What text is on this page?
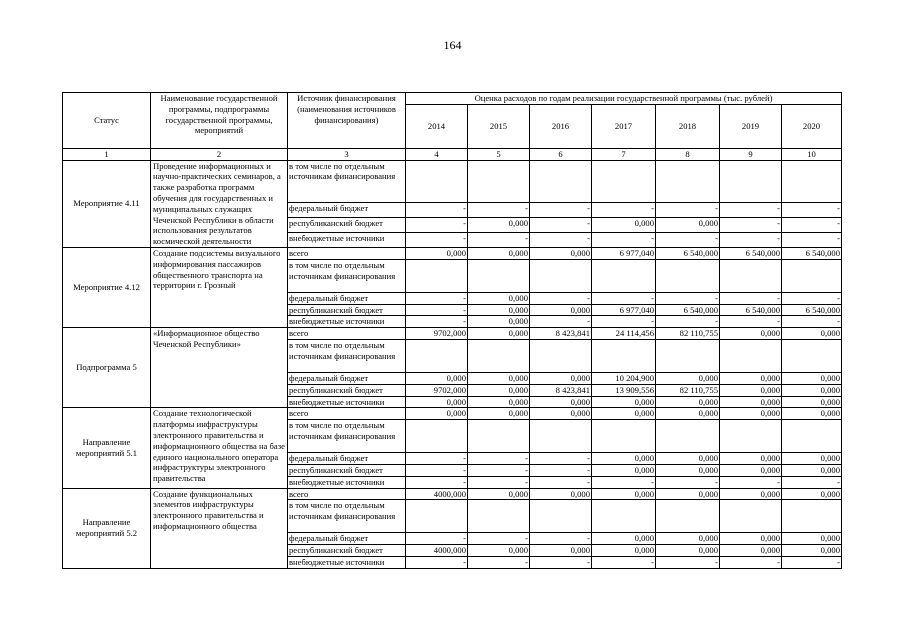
164
Статус	Наименование государственной программы, подпрограммы государственной программы, мероприятий	Источник финансирования (наименования источников финансирования)	Оценка расходов по годам реализации государственной программы (тыс. рублей)						
			2014	2015	2016	2017	2018	2019	2020
1	2	3	4	5	6	7	8	9	10
Мероприятие 4.11	Проведение информационных и научно-практических семинаров, а также разработка программ обучения для государственных и муниципальных служащих Чеченской Республики в области использования результатов космической деятельности	в том числе по отдельным источникам финансирования							
		федеральный бюджет	-	-	-	-	-	-	-
		республиканский бюджет	-	0,000	-	0,000	0,000	-	-
		внебюджетные источники	-	-	-	-	-	-	-
Мероприятие 4.12	Создание подсистемы визуального информирования пассажиров общественного транспорта на территории г. Грозный	всего	0,000	0,000	0,000	6 977,040	6 540,000	6 540,000	6 540,000
		в том числе по отдельным источникам финансирования							
		федеральный бюджет	-	0,000	-	-	-	-	-
		республиканский бюджет	-	0,000	0,000	6 977,040	6 540,000	6 540,000	6 540,000
		внебюджетные источники	-	0,000	-	-	-	-	-
Подпрограмма 5	«Информационное общество Чеченской Республики»	всего	9702,000	0,000	8 423,841	24 114,456	82 110,755	0,000	0,000
		в том числе по отдельным источникам финансирования							
		федеральный бюджет	0,000	0,000	0,000	10 204,900	0,000	0,000	0,000
		республиканский бюджет	9702,000	0,000	8 423,841	13 909,556	82 110,755	0,000	0,000
		внебюджетные источники	0,000	0,000	0,000	0,000	0,000	0,000	0,000
Направление мероприятий 5.1	Создание технологической платформы инфраструктуры электронного правительства и информационного общества на базе единого национального оператора инфраструктуры электронного правительства	всего	0,000	0,000	0,000	0,000	0,000	0,000	0,000
		в том числе по отдельным источникам финансирования							
		федеральный бюджет	-	-	-	0,000	0,000	0,000	0,000
		республиканский бюджет	-	-	-	0,000	0,000	0,000	0,000
		внебюджетные источники	-	-	-	-	-	-	-
Направление мероприятий 5.2	Создание функциональных элементов инфраструктуры электронного правительства и информационного общества	всего	4000,000	0,000	0,000	0,000	0,000	0,000	0,000
		в том числе по отдельным источникам финансирования							
		федеральный бюджет	-	-	-	0,000	0,000	0,000	0,000
		республиканский бюджет	4000,000	0,000	0,000	0,000	0,000	0,000	0,000
		внебюджетные источники	-	-	-	-	-	-	-
